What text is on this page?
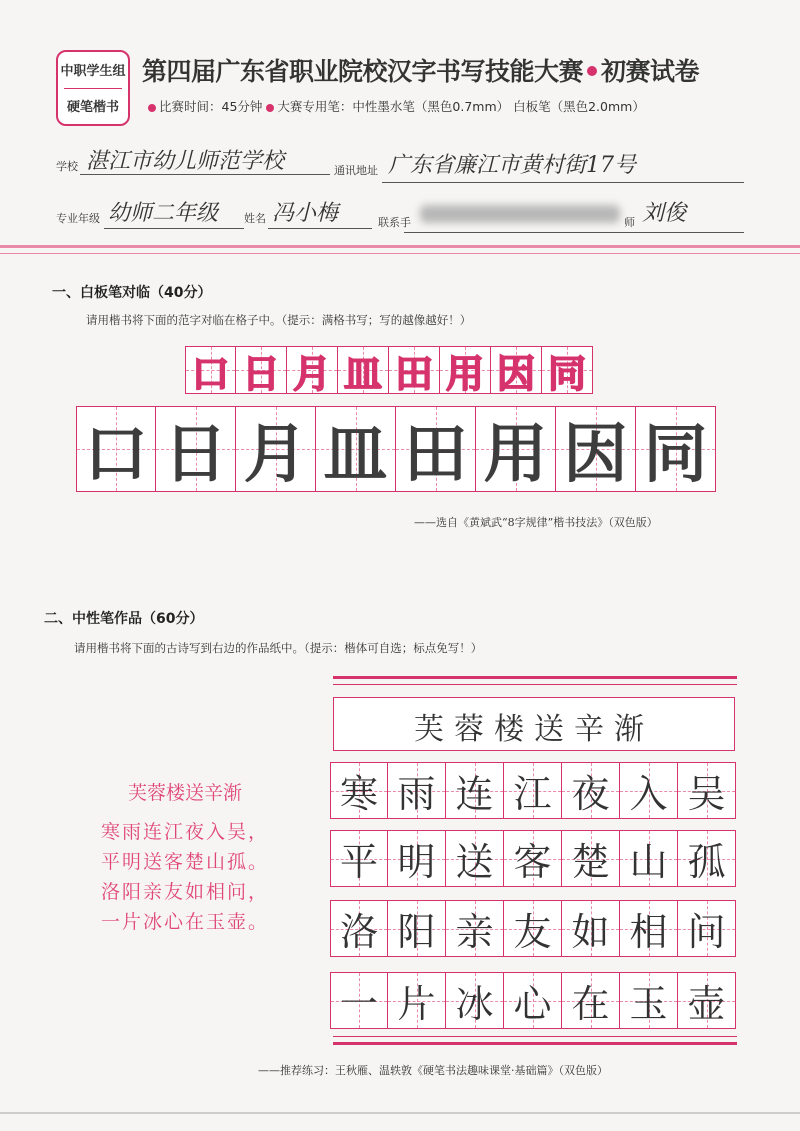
中职学生组
硬笔楷书
第四届广东省职业院校汉字书写技能大赛 初赛试卷
比赛时间：45分钟 大赛专用笔：中性墨水笔（黑色0.7mm） 白板笔（黑色2.0mm）
学校 湛江市幼儿师范学校	通讯地址 广东省廉江市黄村街17号
专业年级 幼师二年级 姓名 冯小梅	联系手	师 刘俊
一、白板笔对临（40分）
请用楷书将下面的范字对临在格子中。（提示：满格书写；写的越像越好！）
口 日 月 皿 田 用 因 同
口 日 月 皿 田 用 因 同
——选自《黄斌武“8字规律”楷书技法》（双色版）
二、中性笔作品（60分）
请用楷书将下面的古诗写到右边的作品纸中。（提示：楷体可自选；标点免写！）
芙蓉楼送辛渐
寒雨连江夜入吴，
平明送客楚山孤。
洛阳亲友如相问，
一片冰心在玉壶。
芙蓉楼送辛渐
寒 雨 连 江 夜 入 吴
平 明 送 客 楚 山 孤
洛 阳 亲 友 如 相 问
一 片 冰 心 在 玉 壶
——推荐练习：王秋雁、温轶敦《硬笔书法趣味课堂·基础篇》（双色版）
